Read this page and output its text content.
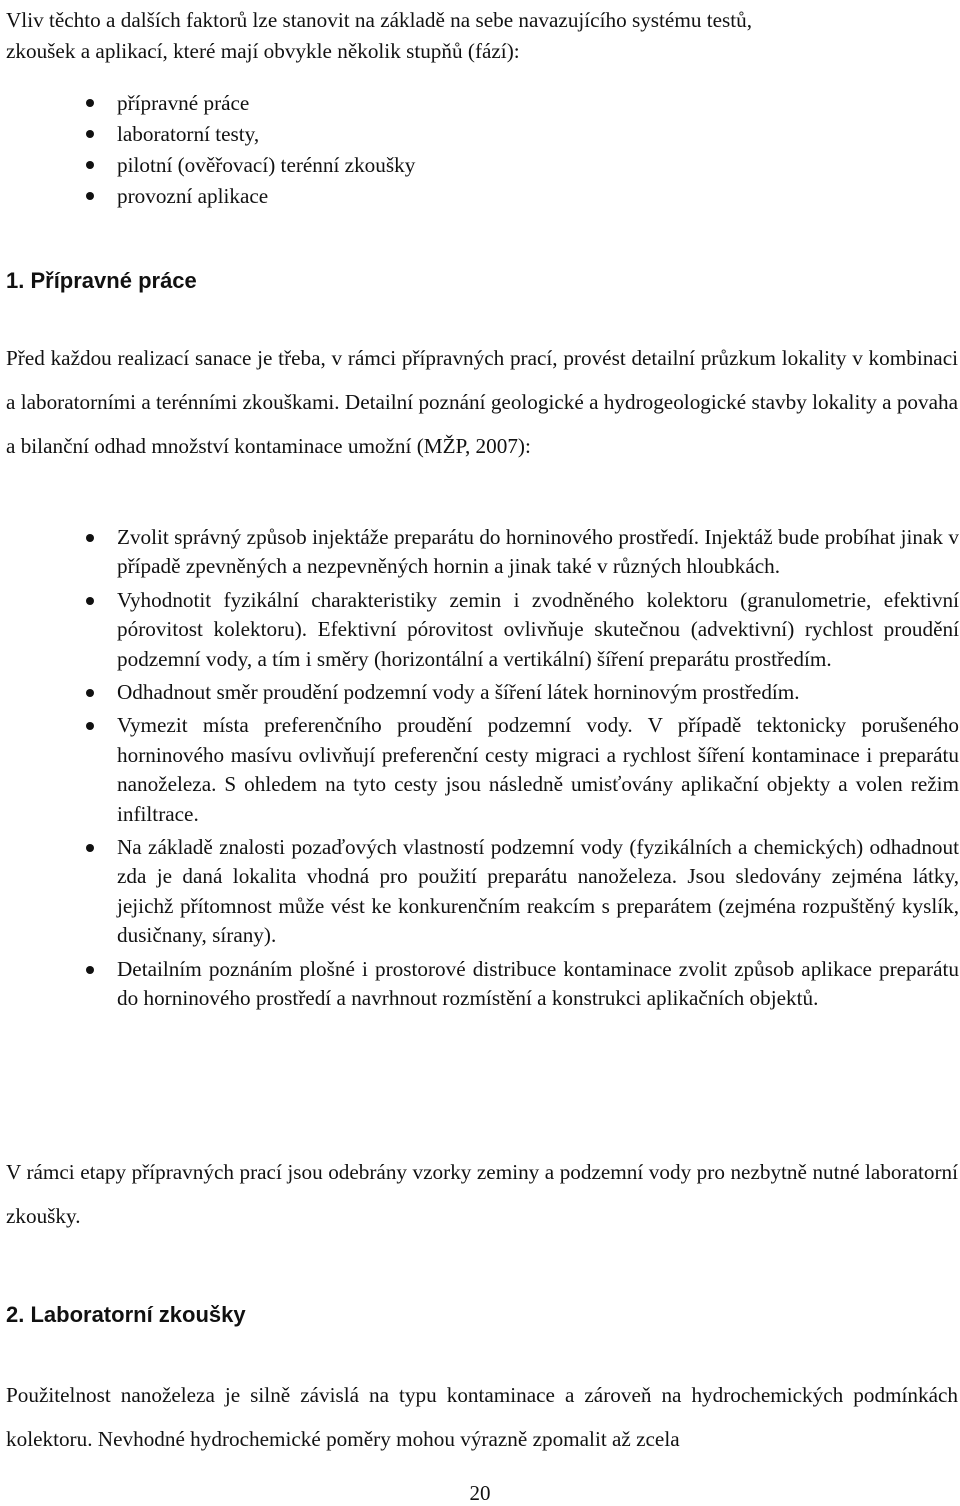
Vliv těchto a dalších faktorů lze stanovit na základě na sebe navazujícího systému testů,
zkoušek a aplikací, které mají obvykle několik stupňů (fází):
přípravné práce
laboratorní testy,
pilotní (ověřovací) terénní zkoušky
provozní aplikace
1. Přípravné práce
Před každou realizací sanace je třeba, v rámci přípravných prací, provést detailní průzkum lokality v kombinaci a laboratorními a terénními zkouškami. Detailní poznání geologické a hydrogeologické stavby lokality a povaha a bilanční odhad množství kontaminace umožní (MŽP, 2007):
Zvolit správný způsob injektáže preparátu do horninového prostředí. Injektáž bude probíhat jinak v případě zpevněných a nezpevněných hornin a jinak také v různých hloubkách.
Vyhodnotit fyzikální charakteristiky zemin i zvodněného kolektoru (granulometrie, efektivní pórovitost kolektoru). Efektivní pórovitost ovlivňuje skutečnou (advektivní) rychlost proudění podzemní vody, a tím i směry (horizontální a vertikální) šíření preparátu prostředím.
Odhadnout směr proudění podzemní vody a šíření látek horninovým prostředím.
Vymezit místa preferenčního proudění podzemní vody. V případě tektonicky porušeného horninového masívu ovlivňují preferenční cesty migraci a rychlost šíření kontaminace i preparátu nanoželeza. S ohledem na tyto cesty jsou následně umisťovány aplikační objekty a volen režim infiltrace.
Na základě znalosti pozaďových vlastností podzemní vody (fyzikálních a chemických) odhadnout zda je daná lokalita vhodná pro použití preparátu nanoželeza. Jsou sledovány zejména látky, jejichž přítomnost může vést ke konkurenčním reakcím s preparátem (zejména rozpuštěný kyslík, dusičnany, sírany).
Detailním poznáním plošné i prostorové distribuce kontaminace zvolit způsob aplikace preparátu do horninového prostředí a navrhnout rozmístění a konstrukci aplikačních objektů.
V rámci etapy přípravných prací jsou odebrány vzorky zeminy a podzemní vody pro nezbytně nutné laboratorní zkoušky.
2. Laboratorní zkoušky
Použitelnost nanoželeza je silně závislá na typu kontaminace a zároveň na hydrochemických podmínkách kolektoru. Nevhodné hydrochemické poměry mohou výrazně zpomalit až zcela
20
